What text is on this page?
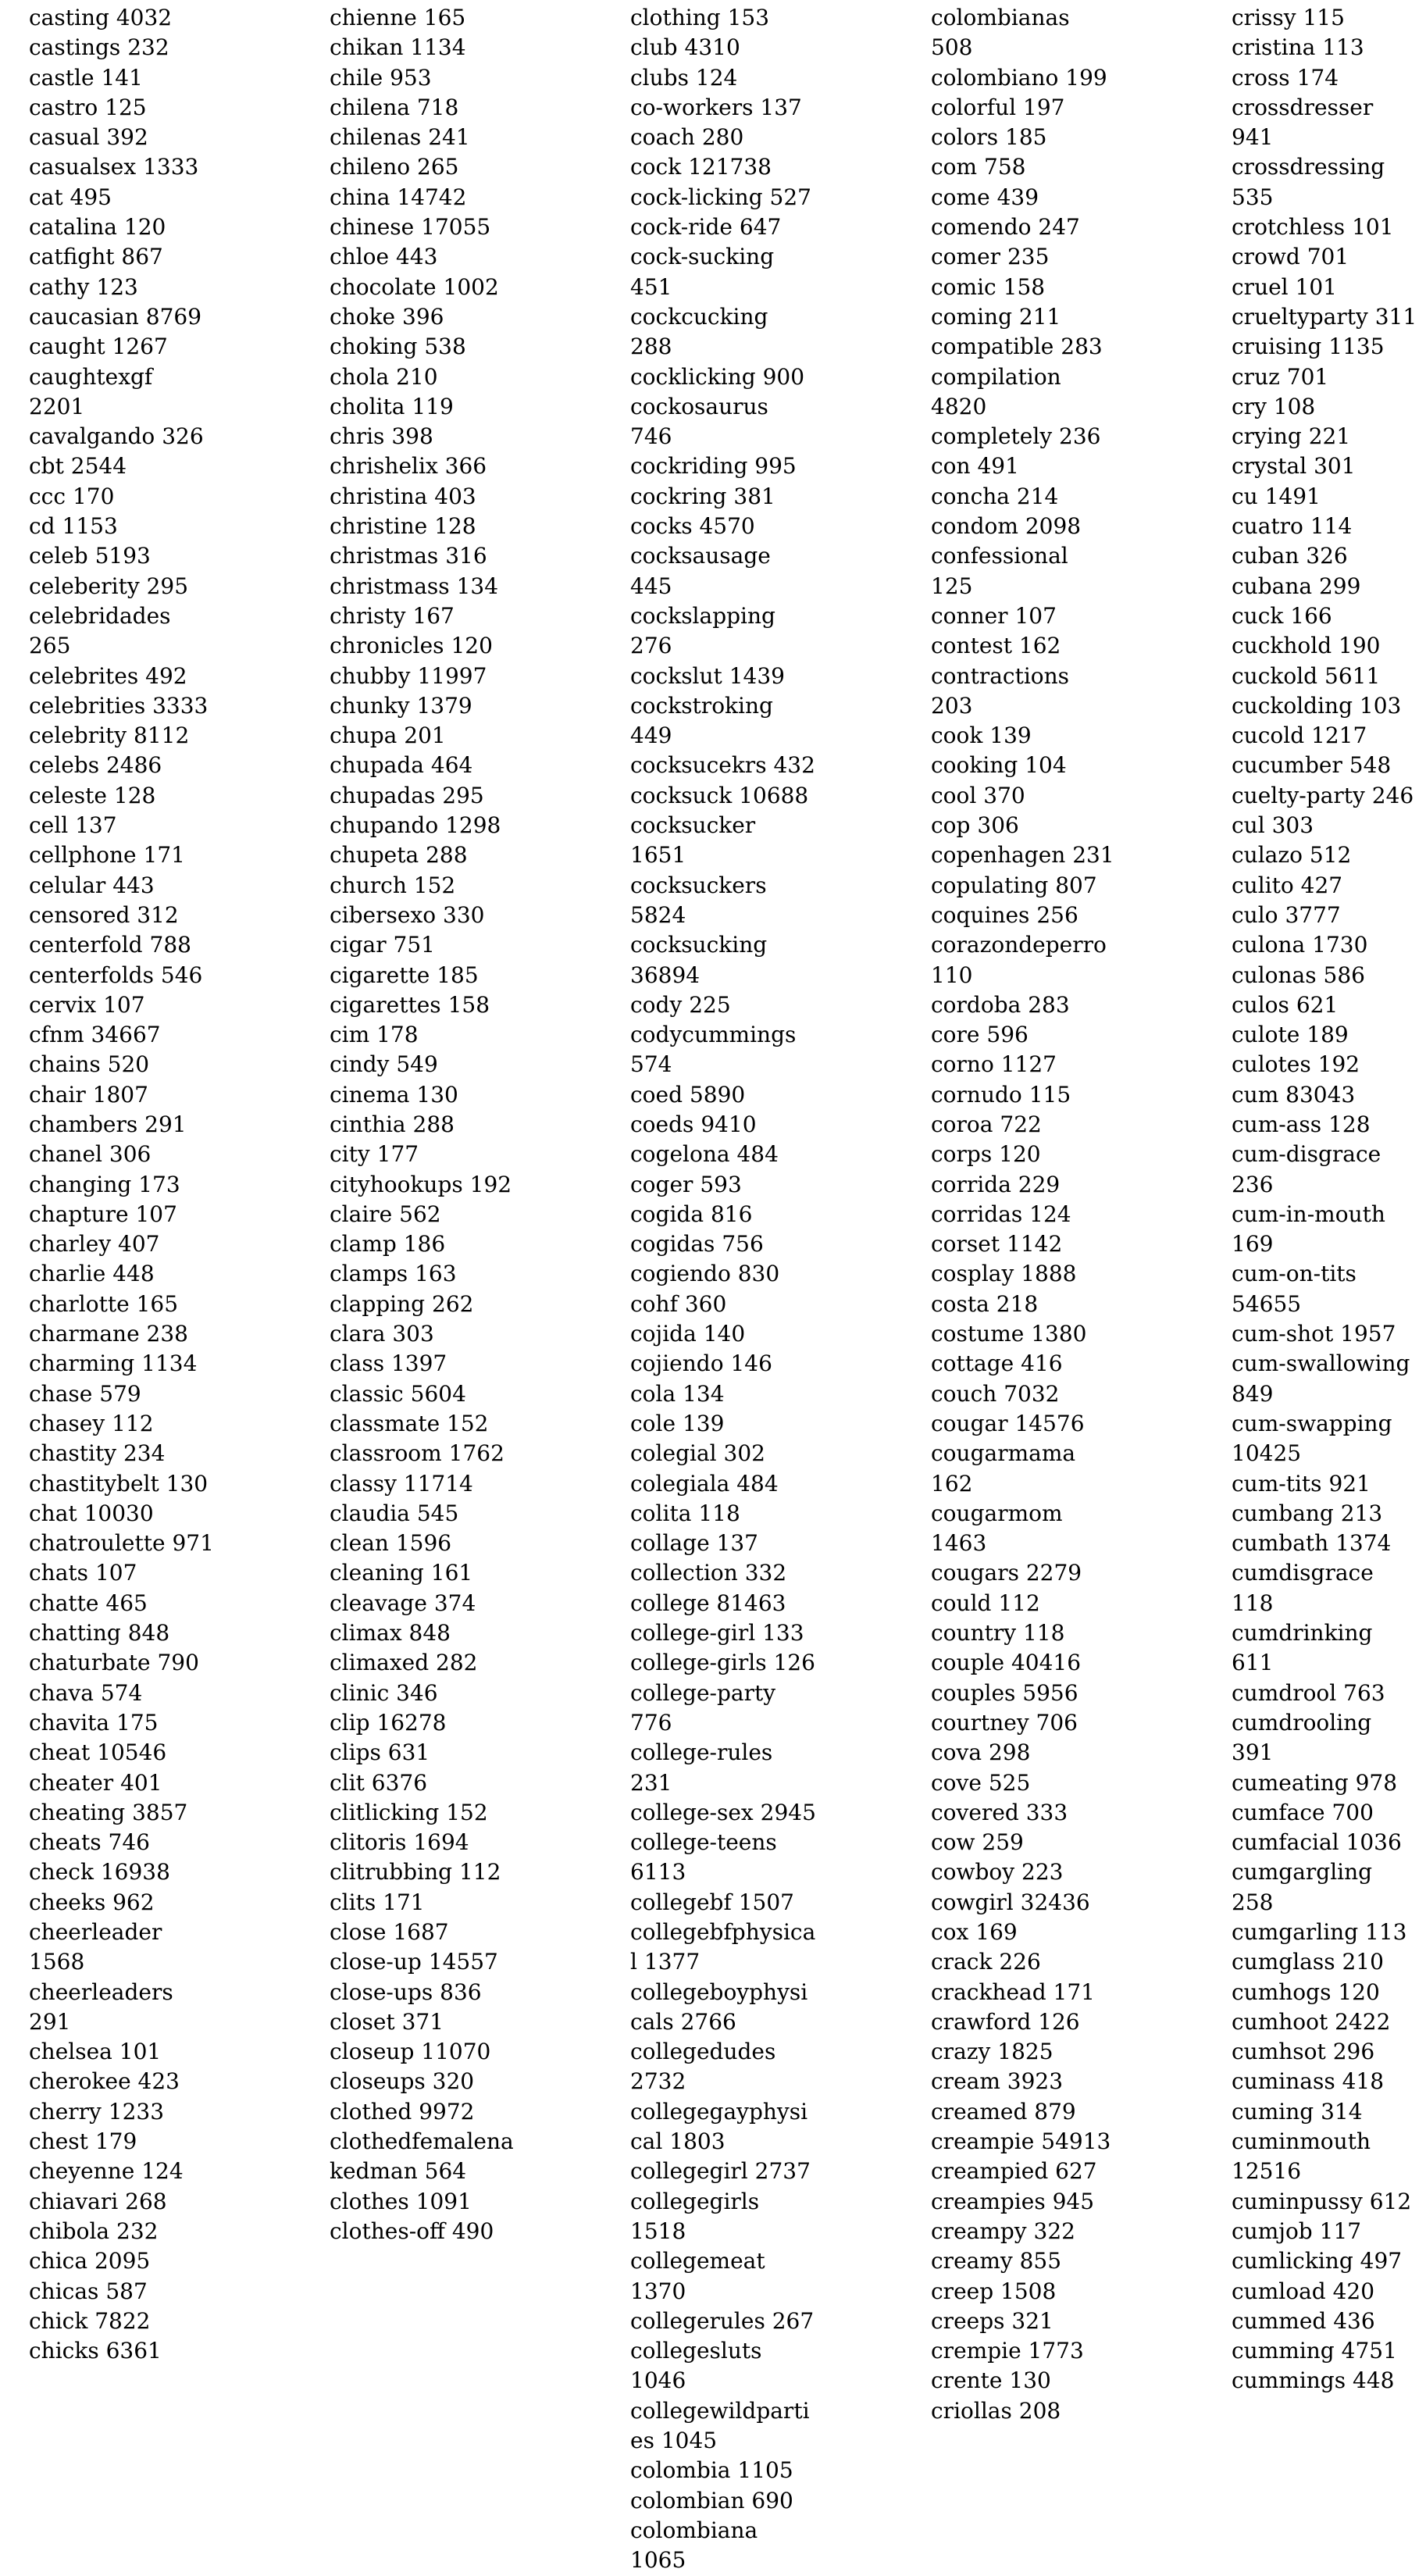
casting 4032
castings 232
castle 141
castro 125
casual 392
casualsex 1333
cat 495
catalina 120
catfight 867
cathy 123
caucasian 8769
caught 1267
caughtexgf 2201
cavalgando 326
cbt 2544
ccc 170
cd 1153
celeb 5193
celeberity 295
celebridades 265
celebrites 492
celebrities 3333
celebrity 8112
celebs 2486
celeste 128
cell 137
cellphone 171
celular 443
censored 312
centerfold 788
centerfolds 546
cervix 107
cfnm 34667
chains 520
chair 1807
chambers 291
chanel 306
changing 173
chapture 107
charley 407
charlie 448
charlotte 165
charmane 238
charming 1134
chase 579
chasey 112
chastity 234
chastitybelt 130
chat 10030
chatroulette 971
chats 107
chatte 465
chatting 848
chaturbate 790
chava 574
chavita 175
cheat 10546
cheater 401
cheating 3857
cheats 746
check 16938
cheeks 962
cheerleader 1568
cheerleaders 291
chelsea 101
cherokee 423
cherry 1233
chest 179
cheyenne 124
chiavari 268
chibola 232
chica 2095
chicas 587
chick 7822
chicks 6361
chienne 165
chikan 1134
chile 953
chilena 718
chilenas 241
chileno 265
china 14742
chinese 17055
chloe 443
chocolate 1002
choke 396
choking 538
chola 210
cholita 119
chris 398
chrishelix 366
christina 403
christine 128
christmas 316
christmass 134
christy 167
chronicles 120
chubby 11997
chunky 1379
chupa 201
chupada 464
chupadas 295
chupando 1298
chupeta 288
church 152
cibersexo 330
cigar 751
cigarette 185
cigarettes 158
cim 178
cindy 549
cinema 130
cinthia 288
city 177
cityhookups 192
claire 562
clamp 186
clamps 163
clapping 262
clara 303
class 1397
classic 5604
classmate 152
classroom 1762
classy 11714
claudia 545
clean 1596
cleaning 161
cleavage 374
climax 848
climaxed 282
clinic 346
clip 16278
clips 631
clit 6376
clitlicking 152
clitoris 1694
clitrubbing 112
clits 171
close 1687
close-up 14557
close-ups 836
closet 371
closeup 11070
closeups 320
clothed 9972
clothedfemalenakedman 564
clothes 1091
clothes-off 490
clothing 153
club 4310
clubs 124
co-workers 137
coach 280
cock 121738
cock-licking 527
cock-ride 647
cock-sucking 451
cockcucking 288
cocklicking 900
cockosaurus 746
cockriding 995
cockring 381
cocks 4570
cocksausage 445
cockslapping 276
cockslut 1439
cockstroking 449
cocksucekrs 432
cocksuck 10688
cocksucker 1651
cocksuckers 5824
cocksucking 36894
cody 225
codycummings 574
coed 5890
coeds 9410
cogelona 484
coger 593
cogida 816
cogidas 756
cogiendo 830
cohf 360
cojida 140
cojiendo 146
cola 134
cole 139
colegial 302
colegiala 484
colita 118
collage 137
collection 332
college 81463
college-girl 133
college-girls 126
college-party 776
college-rules 231
college-sex 2945
college-teens 6113
collegebf 1507
collegebfphysical 1377
collegeboyphysicals 2766
collegedudes 2732
collegegayphysical 1803
collegegirl 2737
collegegirls 1518
collegemeat 1370
collegerules 267
collegesluts 1046
collegewildparties 1045
colombia 1105
colombian 690
colombiana 1065
colombianas 508
colombiano 199
colorful 197
colors 185
com 758
come 439
comendo 247
comer 235
comic 158
coming 211
compatible 283
compilation 4820
completely 236
con 491
concha 214
condom 2098
confessional 125
conner 107
contest 162
contractions 203
cook 139
cooking 104
cool 370
cop 306
copenhagen 231
copulating 807
coquines 256
corazondeperro 110
cordoba 283
core 596
corno 1127
cornudo 115
coroa 722
corps 120
corrida 229
corridas 124
corset 1142
cosplay 1888
costa 218
costume 1380
cottage 416
couch 7032
cougar 14576
cougarmama 162
cougarmom 1463
cougars 2279
could 112
country 118
couple 40416
couples 5956
courtney 706
cova 298
cove 525
covered 333
cow 259
cowboy 223
cowgirl 32436
cox 169
crack 226
crackhead 171
crawford 126
crazy 1825
cream 3923
creamed 879
creampie 54913
creampied 627
creampies 945
creampy 322
creamy 855
creep 1508
creeps 321
crempie 1773
crente 130
criollas 208
crissy 115
cristina 113
cross 174
crossdresser 941
crossdressing 535
crotchless 101
crowd 701
cruel 101
crueltyparty 311
cruising 1135
cruz 701
cry 108
crying 221
crystal 301
cu 1491
cuatro 114
cuban 326
cubana 299
cuck 166
cuckhold 190
cuckold 5611
cuckolding 103
cucold 1217
cucumber 548
cuelty-party 246
cul 303
culazo 512
culito 427
culo 3777
culona 1730
culonas 586
culos 621
culote 189
culotes 192
cum 83043
cum-ass 128
cum-disgrace 236
cum-in-mouth 169
cum-on-tits 54655
cum-shot 1957
cum-swallowing 849
cum-swapping 10425
cum-tits 921
cumbang 213
cumbath 1374
cumdisgrace 118
cumdrinking 611
cumdrool 763
cumdrooling 391
cumeating 978
cumface 700
cumfacial 1036
cumgargling 258
cumgarling 113
cumglass 210
cumhogs 120
cumhoot 2422
cumhsot 296
cuminass 418
cuming 314
cuminmouth 12516
cuminpussy 612
cumjob 117
cumlicking 497
cumload 420
cummed 436
cumming 4751
cummings 448
